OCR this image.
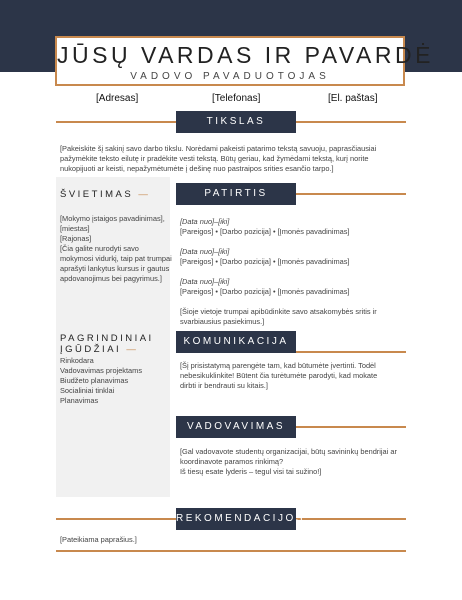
JŪSŲ VARDAS IR PAVARDĖ
VADOVO PAVADUOTOJAS
[Adresas]	[Telefonas]	[El. paštas]
TIKSLAS
[Pakeiskite šį sakinį savo darbo tikslu. Norėdami pakeisti patarimo tekstą savuoju, paprasčiausiai pažymėkite teksto eilutę ir pradėkite vesti tekstą. Būtų geriau, kad žymėdami tekstą, kurį norite nukopijuoti ar keisti, nepažymėtumėte į dešinę nuo pastraipos srities esančio tarpo.]
ŠVIETIMAS —
[Mokymo įstaigos pavadinimas],
[miestas]
[Rajonas]
[Čia galite nurodyti savo mokymosi vidurkį, taip pat trumpai aprašyti lankytus kursus ir gautus apdovanojimus bei pagyrimus.]
PAGRINDINIAI
ĮGŪDŽIAI —
Rinkodara
Vadovavimas projektams
Biudžeto planavimas
Socialiniai tinklai
Planavimas
PATIRTIS
[Data nuo]–[iki]
[Pareigos] • [Darbo pozicija] • [Įmonės pavadinimas]
[Data nuo]–[iki]
[Pareigos] • [Darbo pozicija] • [Įmonės pavadinimas]
[Data nuo]–[iki]
[Pareigos] • [Darbo pozicija] • [Įmonės pavadinimas]
[Šioje vietoje trumpai apibūdinkite savo atsakomybės sritis ir svarbiausius pasiekimus.]
KOMUNIKACIJA
[Šį prisistatymą parengėte tam, kad būtumėte įvertinti. Todėl nebesikuklinkite! Būtent čia turėtumėte parodyti, kad mokate dirbti ir bendrauti su kitais.]
VADOVAVIMAS
[Gal vadovavote studentų organizacijai, būtų savininkų bendrijai ar koordinavote paramos rinkimą?
Iš tiesų esate lyderis – tegul visi tai sužino!]
REKOMENDACIJOS
[Pateikiama paprašius.]
